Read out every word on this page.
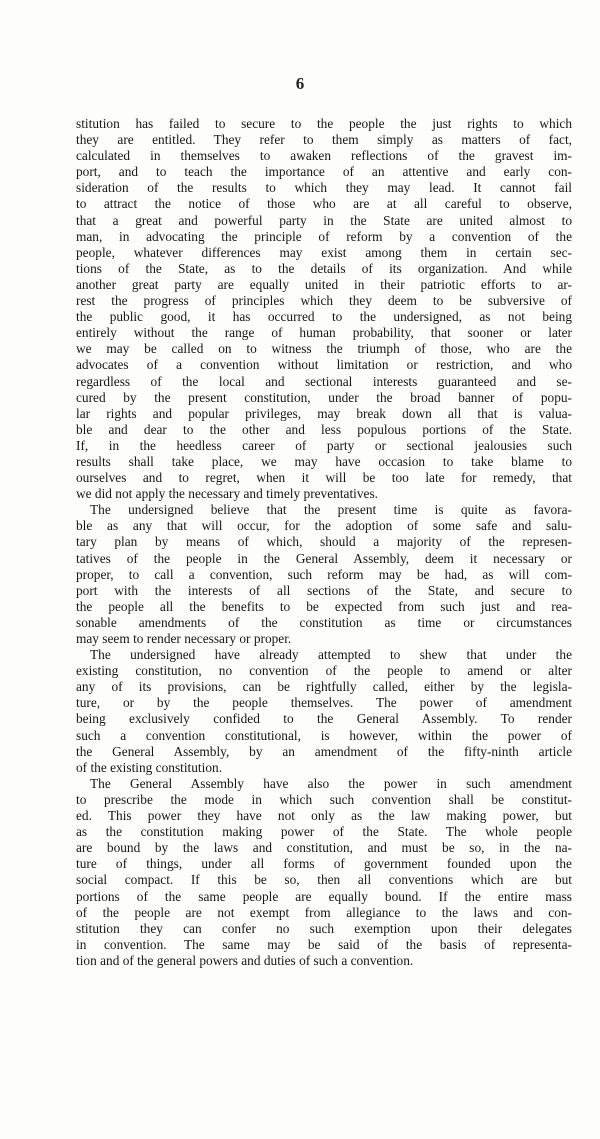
6
stitution has failed to secure to the people the just rights to which
they are entitled. They refer to them simply as matters of fact,
calculated in themselves to awaken reflections of the gravest im-
port, and to teach the importance of an attentive and early con-
sideration of the results to which they may lead. It cannot fail
to attract the notice of those who are at all careful to observe,
that a great and powerful party in the State are united almost to
man, in advocating the principle of reform by a convention of the
people, whatever differences may exist among them in certain sec-
tions of the State, as to the details of its organization. And while
another great party are equally united in their patriotic efforts to ar-
rest the progress of principles which they deem to be subversive of
the public good, it has occurred to the undersigned, as not being
entirely without the range of human probability, that sooner or later
we may be called on to witness the triumph of those, who are the
advocates of a convention without limitation or restriction, and who
regardless of the local and sectional interests guaranteed and se-
cured by the present constitution, under the broad banner of popu-
lar rights and popular privileges, may break down all that is valua-
ble and dear to the other and less populous portions of the State.
If, in the heedless career of party or sectional jealousies such
results shall take place, we may have occasion to take blame to
ourselves and to regret, when it will be too late for remedy, that
we did not apply the necessary and timely preventatives.
The undersigned believe that the present time is quite as favora-
ble as any that will occur, for the adoption of some safe and salu-
tary plan by means of which, should a majority of the represen-
tatives of the people in the General Assembly, deem it necessary or
proper, to call a convention, such reform may be had, as will com-
port with the interests of all sections of the State, and secure to
the people all the benefits to be expected from such just and rea-
sonable amendments of the constitution as time or circumstances
may seem to render necessary or proper.
The undersigned have already attempted to shew that under the
existing constitution, no convention of the people to amend or alter
any of its provisions, can be rightfully called, either by the legisla-
ture, or by the people themselves. The power of amendment
being exclusively confided to the General Assembly. To render
such a convention constitutional, is however, within the power of
the General Assembly, by an amendment of the fifty-ninth article
of the existing constitution.
The General Assembly have also the power in such amendment
to prescribe the mode in which such convention shall be constitut-
ed. This power they have not only as the law making power, but
as the constitution making power of the State. The whole people
are bound by the laws and constitution, and must be so, in the na-
ture of things, under all forms of government founded upon the
social compact. If this be so, then all conventions which are but
portions of the same people are equally bound. If the entire mass
of the people are not exempt from allegiance to the laws and con-
stitution they can confer no such exemption upon their delegates
in convention. The same may be said of the basis of representa-
tion and of the general powers and duties of such a convention.
